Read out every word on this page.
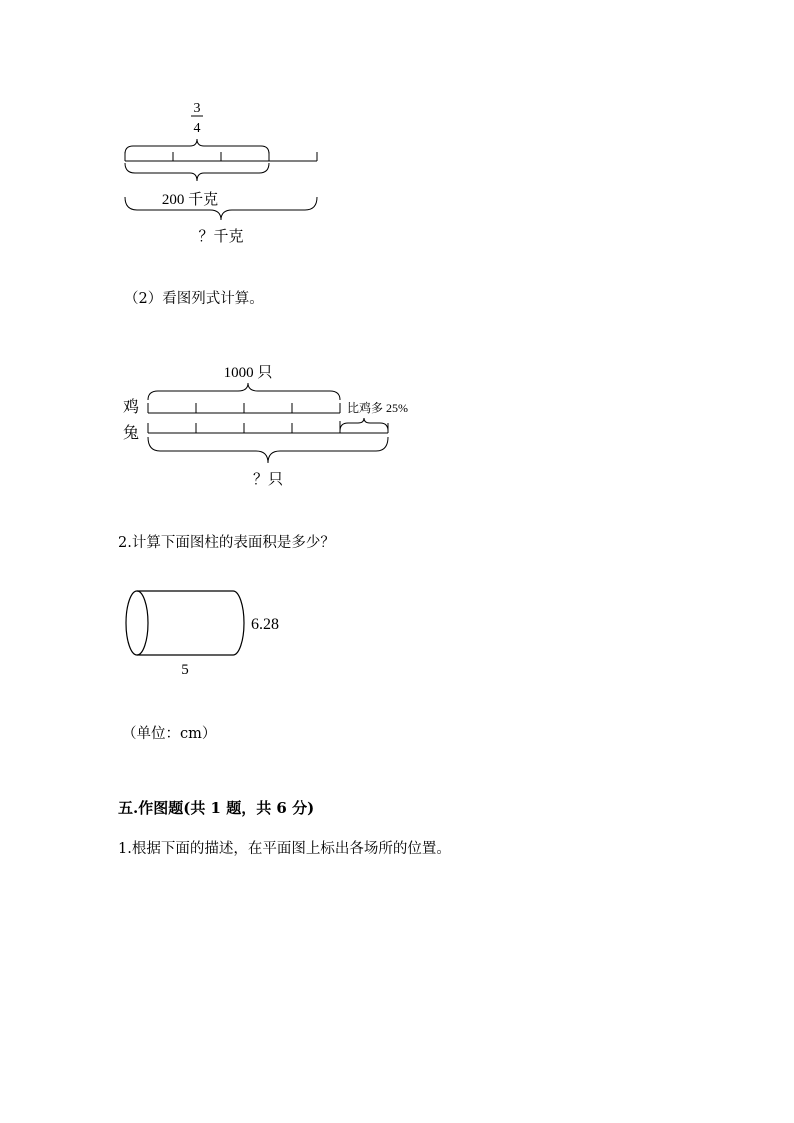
3
4
200 千克
？千克
（2）看图列式计算。
1000 只
鸡	比鸡多 25%
兔
？只
2.计算下面图柱的表面积是多少？
6.28
5
（单位：cm）
五.作图题(共 1 题，共 6 分)
1.根据下面的描述，在平面图上标出各场所的位置。
